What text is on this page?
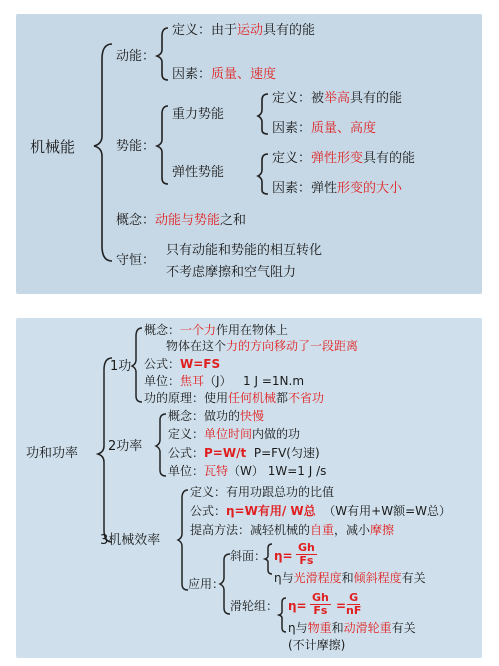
机械能
动能：
定义：由于运动具有的能
因素：质量、速度
势能：
重力势能
定义：被举高具有的能
因素：质量、高度
弹性势能
定义：弹性形变具有的能
因素：弹性形变的大小
概念：动能与势能之和
守恒：
只有动能和势能的相互转化
不考虑摩擦和空气阻力
功和功率
1功
概念：一个力作用在物体上
物体在这个力的方向移动了一段距离
公式：W=FS
单位：焦耳（J） 1 J =1N.m
功的原理：使用任何机械都不省功
2功率
概念：做功的快慢
定义：单位时间内做的功
公式：P=W/t P=FV(匀速)
单位：瓦特（W） 1W=1 J /s
3机械效率
定义：有用功跟总功的比值
公式：η=W有用/ W总 （W有用+W额=W总）
提高方法：减轻机械的自重，减小摩擦
应用：
斜面： $\eta= \frac{Gh}{Fs}$
η与光滑程度和倾斜程度有关
滑轮组： $\eta= \frac{Gh}{Fs} = \frac{G}{nF}$
η与物重和动滑轮重有关
(不计摩擦)
